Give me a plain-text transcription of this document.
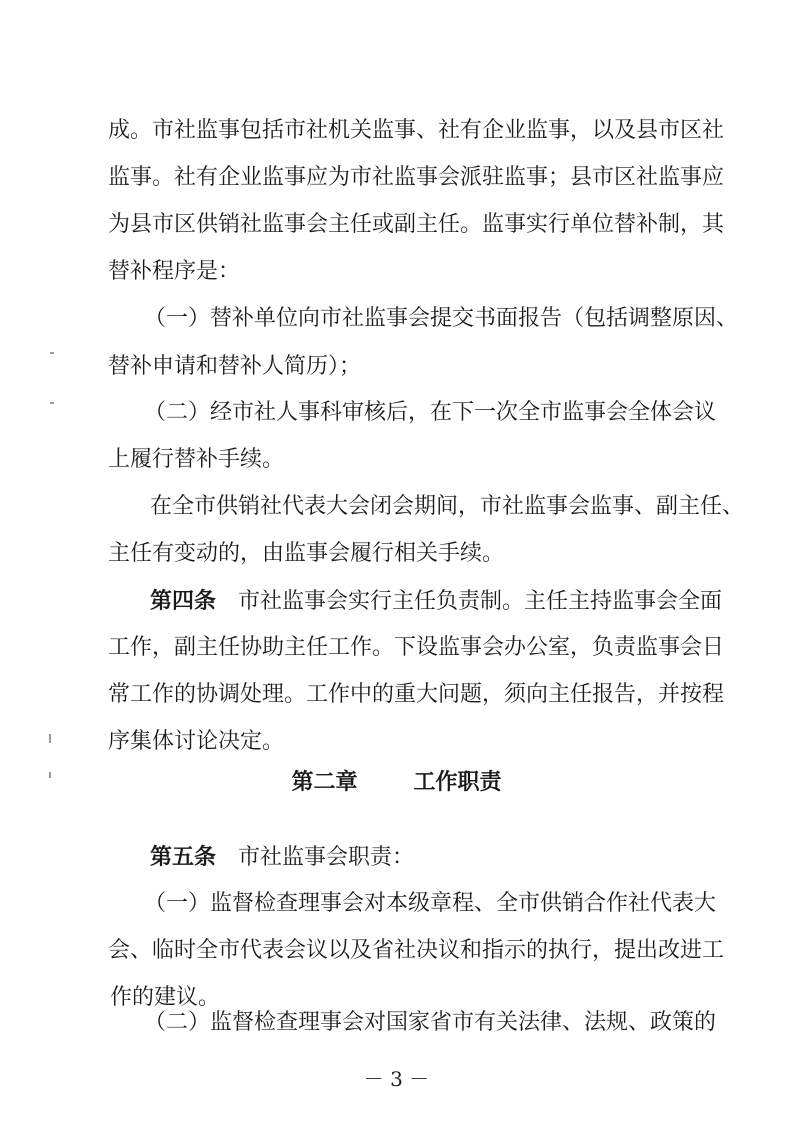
成。市社监事包括市社机关监事、社有企业监事，以及县市区社
监事。社有企业监事应为市社监事会派驻监事；县市区社监事应
为县市区供销社监事会主任或副主任。监事实行单位替补制，其
替补程序是：
（一）替补单位向市社监事会提交书面报告（包括调整原因、
替补申请和替补人简历）；
（二）经市社人事科审核后，在下一次全市监事会全体会议
上履行替补手续。
在全市供销社代表大会闭会期间，市社监事会监事、副主任、
主任有变动的，由监事会履行相关手续。
第四条 市社监事会实行主任负责制。主任主持监事会全面
工作，副主任协助主任工作。下设监事会办公室，负责监事会日
常工作的协调处理。工作中的重大问题，须向主任报告，并按程
序集体讨论决定。
第二章	工作职责
第五条 市社监事会职责：
（一）监督检查理事会对本级章程、全市供销合作社代表大
会、临时全市代表会议以及省社决议和指示的执行，提出改进工
作的建议。
（二）监督检查理事会对国家省市有关法律、法规、政策的
－ 3 －
